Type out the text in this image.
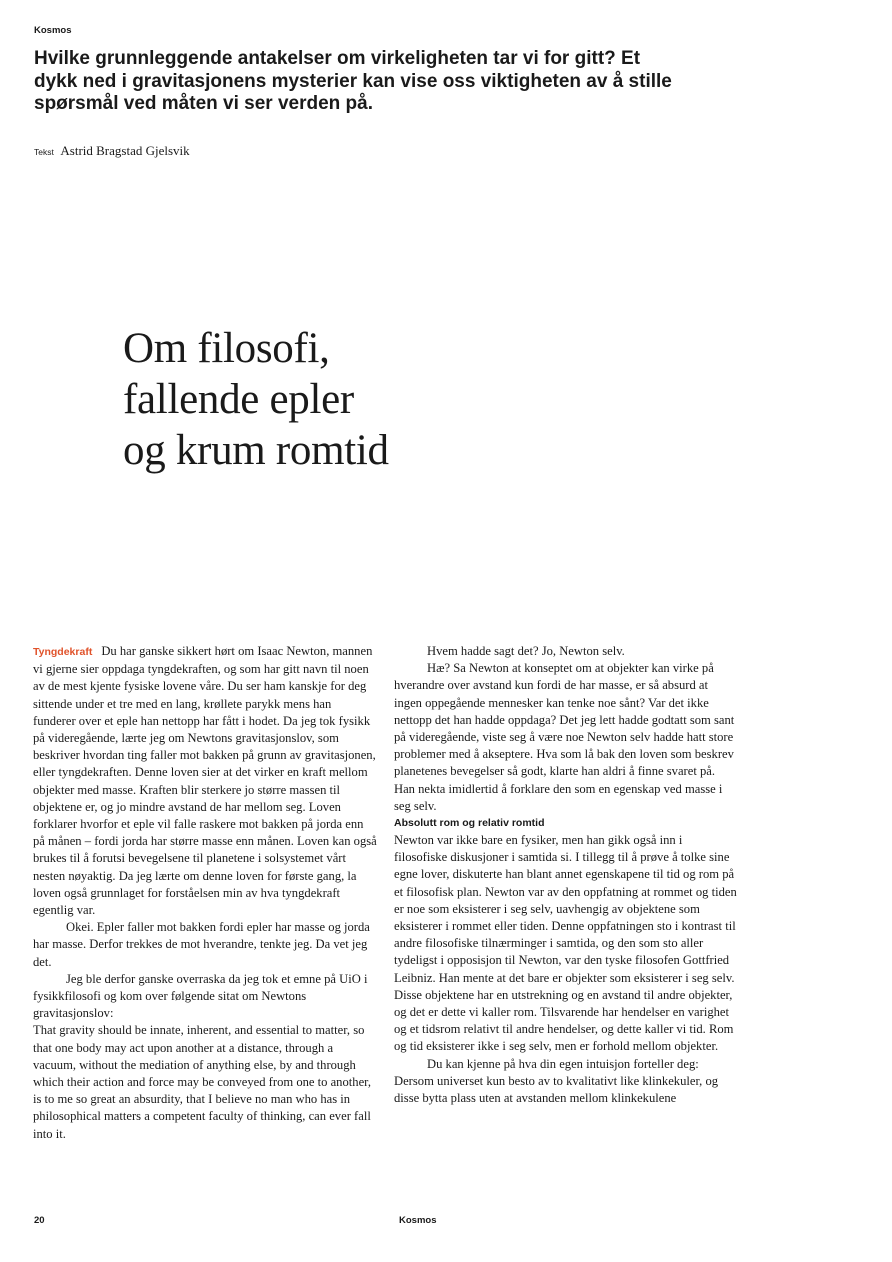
Kosmos

Hvilke grunnleggende antakelser om virkeligheten tar vi for gitt? Et dykk ned i gravitasjonens mysterier kan vise oss viktigheten av å stille spørsmål ved måten vi ser verden på.

Tekst Astrid Bragstad Gjelsvik
Om filosofi,
fallende epler
og krum romtid

Tyngdekraft Du har ganske sikkert hørt om Isaac Newton, mannen vi gjerne sier oppdaga tyngdekraften, og som har gitt navn til noen av de mest kjente fysiske lovene våre. Du ser ham kanskje for deg sittende under et tre med en lang, krøllete parykk mens han funderer over et eple han nettopp har fått i hodet. Da jeg tok fysikk på videregående, lærte jeg om Newtons gravitasjonslov, som beskriver hvordan ting faller mot bakken på grunn av gravitasjonen, eller tyngdekraften. Denne loven sier at det virker en kraft mellom objekter med masse. Kraften blir sterkere jo større massen til objektene er, og jo mindre avstand de har mellom seg. Loven forklarer hvorfor et eple vil falle raskere mot bakken på jorda enn på månen – fordi jorda har større masse enn månen. Loven kan også brukes til å forutsi bevegelsene til planetene i solsystemet vårt nesten nøyaktig. Da jeg lærte om denne loven for første gang, la loven også grunnlaget for forståelsen min av hva tyngdekraft egentlig var.

Okei. Epler faller mot bakken fordi epler har masse og jorda har masse. Derfor trekkes de mot hverandre, tenkte jeg. Da vet jeg det.

Jeg ble derfor ganske overraska da jeg tok et emne på UiO i fysikkfilosofi og kom over følgende sitat om Newtons gravitasjonslov:

That gravity should be innate, inherent, and essential to matter, so that one body may act upon another at a distance, through a vacuum, without the mediation of anything else, by and through which their action and force may be conveyed from one to another, is to me so great an absurdity, that I believe no man who has in philosophical matters a competent faculty of thinking, can ever fall into it.

Hvem hadde sagt det? Jo, Newton selv.

Hæ? Sa Newton at konseptet om at objekter kan virke på hverandre over avstand kun fordi de har masse, er så absurd at ingen oppegående mennesker kan tenke noe sånt? Var det ikke nettopp det han hadde oppdaga? Det jeg lett hadde godtatt som sant på videregående, viste seg å være noe Newton selv hadde hatt store problemer med å akseptere. Hva som lå bak den loven som beskrev planetenes bevegelser så godt, klarte han aldri å finne svaret på. Han nekta imidlertid å forklare den som en egenskap ved masse i seg selv.

Absolutt rom og relativ romtid

Newton var ikke bare en fysiker, men han gikk også inn i filosofiske diskusjoner i samtida si. I tillegg til å prøve å tolke sine egne lover, diskuterte han blant annet egenskapene til tid og rom på et filosofisk plan. Newton var av den oppfatning at rommet og tiden er noe som eksisterer i seg selv, uavhengig av objektene som eksisterer i rommet eller tiden. Denne oppfatningen sto i kontrast til andre filosofiske tilnærminger i samtida, og den som sto aller tydeligst i opposisjon til Newton, var den tyske filosofen Gottfried Leibniz. Han mente at det bare er objekter som eksisterer i seg selv. Disse objektene har en utstrekning og en avstand til andre objekter, og det er dette vi kaller rom. Tilsvarende har hendelser en varighet og et tidsrom relativt til andre hendelser, og dette kaller vi tid. Rom og tid eksisterer ikke i seg selv, men er forhold mellom objekter.

Du kan kjenne på hva din egen intuisjon forteller deg: Dersom universet kun besto av to kvalitativt like klinkekuler, og disse bytta plass uten at avstanden mellom klinkekulene

20	Kosmos
